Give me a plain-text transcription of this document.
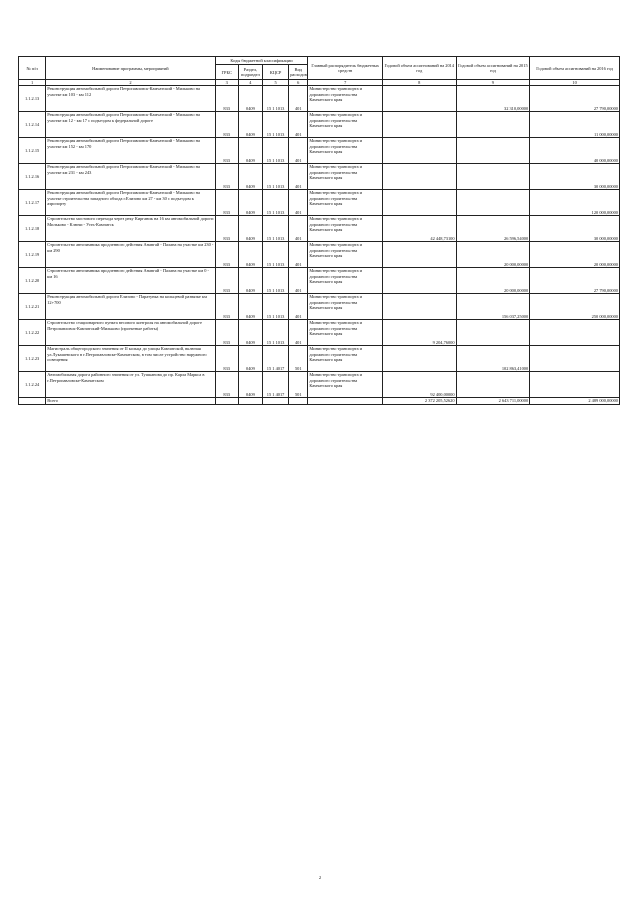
№ п/п	Наименование программы, мероприятий	Коды бюджетной классификации				Главный распорядитель бюджетных средств	Годовой объем ассигнований на 2014 год	Годовой объем ассигнований на 2015 год	Годовой объем ассигнований на 2016 год
		ГРБС	Раздел, подраздел	КЦСР	Вид расходов				
1	2	3	4	5	6	7	8	9	10
1.1.2.13	Реконструкция автомобильной дороги Петропавловск-Камчатский - Мильково на участке км 103 - км 112	833	0409	15 1 1013	401	Министерство транспорта и дорожного строительства Камчатского края		32 310,00000	27 790,00000
1.1.2.14	Реконструкция автомобильной дороги Петропавловск-Камчатский - Мильково на участке км 12 - км 17 с подъездом к федеральной дороге	833	0409	15 1 1013	401	Министерство транспорта и дорожного строительства Камчатского края			11 000,00000
1.1.2.15	Реконструкция автомобильной дороги Петропавловск-Камчатский - Мильково на участке км 152 - км 170	833	0409	15 1 1013	401	Министерство транспорта и дорожного строительства Камчатского края			40 000,00000
1.1.2.16	Реконструкция автомобильной дороги Петропавловск-Камчатский - Мильково на участке км 231 - км 243	833	0409	15 1 1013	401	Министерство транспорта и дорожного строительства Камчатского края			30 000,00000
1.1.2.17	Реконструкция автомобильной дороги Петропавловск-Камчатский - Мильково на участке строительства западного обхода г.Елизово км 27 - км 30 с подъездом к аэропорту	833	0409	15 1 1013	401	Министерство транспорта и дорожного строительства Камчатского края			120 000,00000
1.1.2.18	Строительство мостового перехода через реку Кирганик на 16 км автомобильной дороги Мильково - Ключи - Усть-Камчатск	833	0409	15 1 1013	401	Министерство транспорта и дорожного строительства Камчатского края	42 448,73100	26 596,54000	30 000,00000
1.1.2.19	Строительство автозимника продленного действия Анавгай - Палана на участке км 230 - км 290	833	0409	15 1 1013	401	Министерство транспорта и дорожного строительства Камчатского края		20 000,00000	20 000,00000
1.1.2.20	Строительство автозимника продленного действия Анавгай - Палана на участке км 0 - км 16	833	0409	15 1 1013	401	Министерство транспорта и дорожного строительства Камчатского края		20 000,00000	27 790,00000
1.1.2.21	Реконструкция автомобильной дороги Елизово - Паратунка на кольцевой развязке км 12+700	833	0409	15 1 1013	401	Министерство транспорта и дорожного строительства Камчатского края		156 037,25000	250 000,00000
1.1.2.22	Строительство стационарного пункта весового контроля на автомобильной дороге Петропавловск-Камчатский-Мильково (проектные работы)	833	0409	15 1 1013	401	Министерство транспорта и дорожного строительства Камчатского края	9 204,76000		
1.1.2.23	Магистраль общегородского значения от II кольца до улицы Камчатской, включая ул.Лукашевского в г.Петропавловске-Камчатском, в том числе устройство наружного освещения	833	0409	15 1 4017	501	Министерство транспорта и дорожного строительства Камчатского края		102 863,41000	
1.1.2.24	Автомобильная дорога районного значения от ул. Тушканова до пр. Карла Маркса в г.Петропавловске-Камчатском	833	0409	15 1 4017	501	Министерство транспорта и дорожного строительства Камчатского края	92 400,00000		
	Всего						2 372 205,52620	2 643 711,00000	2 489 000,00000
2
